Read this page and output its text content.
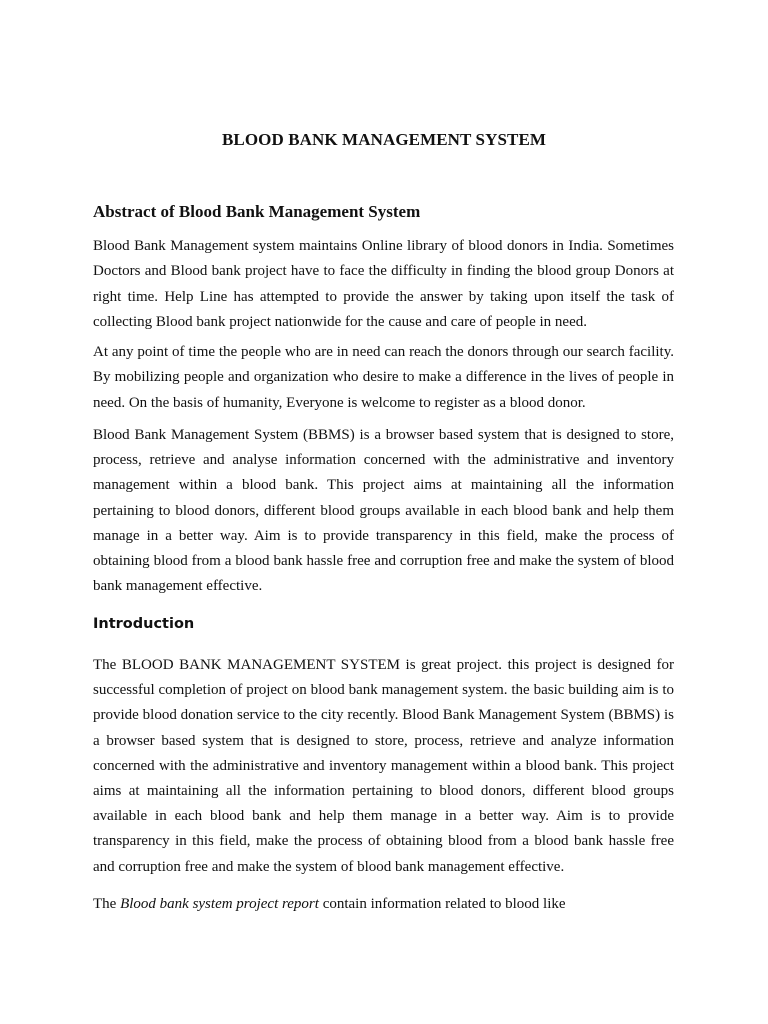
BLOOD BANK MANAGEMENT SYSTEM
Abstract of Blood Bank Management System

Blood Bank Management system maintains Online library of blood donors in India. Sometimes Doctors and Blood bank project have to face the difficulty in finding the blood group Donors at right time. Help Line has attempted to provide the answer by taking upon itself the task of collecting Blood bank project nationwide for the cause and care of people in need.

At any point of time the people who are in need can reach the donors through our search facility. By mobilizing people and organization who desire to make a difference in the lives of people in need. On the basis of humanity, Everyone is welcome to register as a blood donor.

Blood Bank Management System (BBMS) is a browser based system that is designed to store, process, retrieve and analyse information concerned with the administrative and inventory management within a blood bank. This project aims at maintaining all the information pertaining to blood donors, different blood groups available in each blood bank and help them manage in a better way. Aim is to provide transparency in this field, make the process of obtaining blood from a blood bank hassle free and corruption free and make the system of blood bank management effective.

Introduction

The BLOOD BANK MANAGEMENT SYSTEM is great project. this project is designed for successful completion of project on blood bank management system. the basic building aim is to provide blood donation service to the city recently. Blood Bank Management System (BBMS) is a browser based system that is designed to store, process, retrieve and analyze information concerned with the administrative and inventory management within a blood bank. This project aims at maintaining all the information pertaining to blood donors, different blood groups available in each blood bank and help them manage in a better way. Aim is to provide transparency in this field, make the process of obtaining blood from a blood bank hassle free and corruption free and make the system of blood bank management effective.

The Blood bank system project report contain information related to blood like
